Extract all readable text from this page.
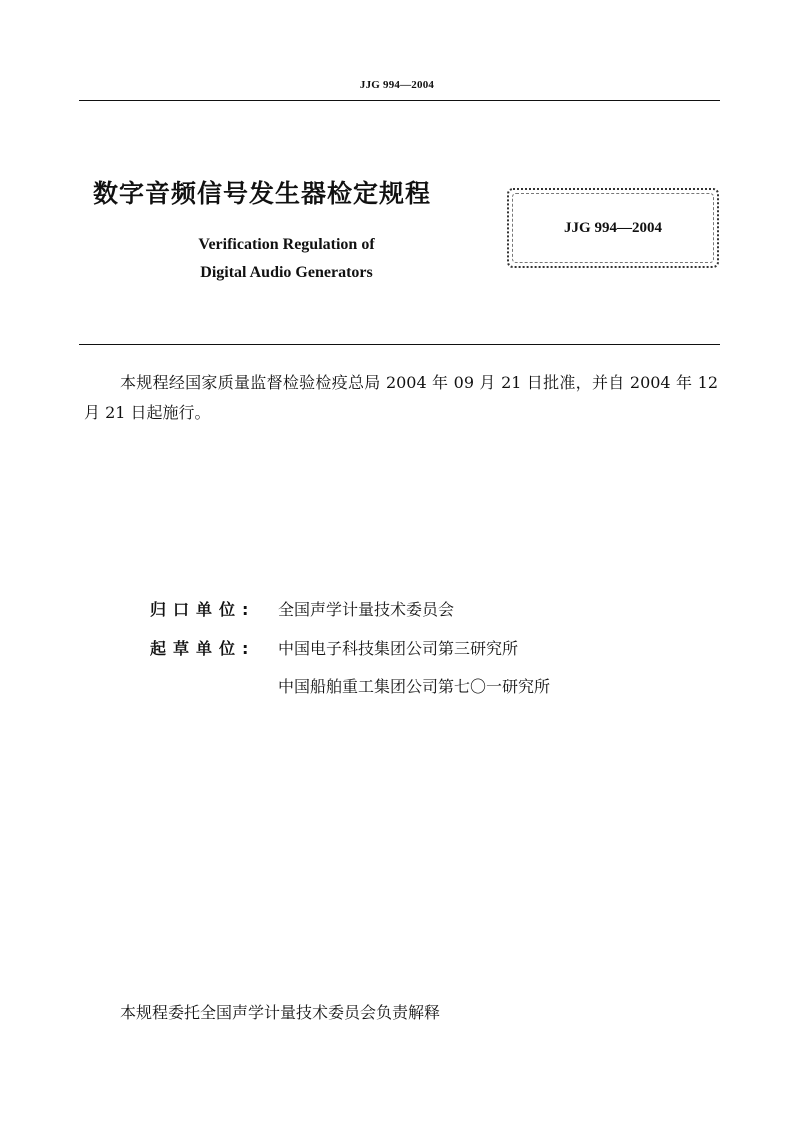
JJG 994—2004
数字音频信号发生器检定规程
Verification Regulation of
Digital Audio Generators
JJG 994—2004
本规程经国家质量监督检验检疫总局 2004 年 09 月 21 日批准，并自 2004 年 12 月 21 日起施行。
归口单位: 全国声学计量技术委员会
起草单位: 中国电子科技集团公司第三研究所
中国船舶重工集团公司第七〇一研究所
本规程委托全国声学计量技术委员会负责解释
